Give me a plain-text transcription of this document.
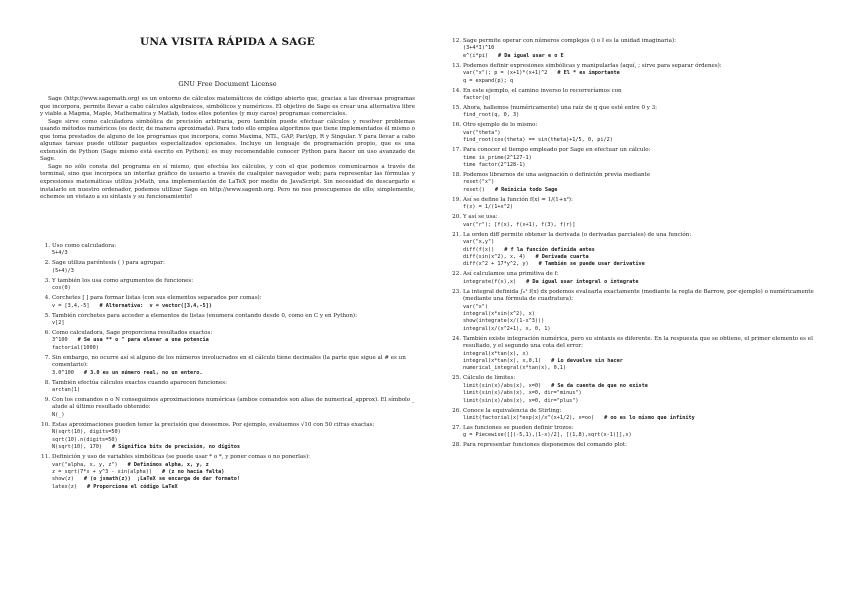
UNA VISITA RÁPIDA A SAGE
GNU Free Document License

Sage (http://www.sagemath.org) es un entorno de cálculos matemáticos de código abierto que, gracias a las diversas programas que incorpora, permite llevar a cabo cálculos algebraicos, simbólicos y numéricos. El objetivo de Sage es crear una alternativa libre y viable a Magma, Maple, Mathematica y Matlab, todos ellos potentes (y muy caros) programas comerciales.

Sage sirve como calculadora simbólica de precisión arbitraria, pero también puede efectuar cálculos y resolver problemas usando métodos numéricos (es decir, de manera aproximada). Para todo ello emplea algoritmos que tiene implementados él mismo o que toma prestados de alguno de los programas que incorpora, como Maxima, NTL, GAP, Pari/gp, R y Singular. Y para llevar a cabo algunas tareas puede utilizar paquetes especializados opcionales. Incluye un lenguaje de programación propio, que es una extensión de Python (Sage mismo está escrito en Python); es muy recomendable conocer Python para hacer un uso avanzado de Sage.

Sage no sólo consta del programa en sí mismo, que efectúa los cálculos, y con el que podemos comunicarnos a través de terminal, sino que incorpora un interfaz gráfico de usuario a través de cualquier navegador web; para representar las fórmulas y expresiones matemáticas utiliza jsMath, una implementación de LaTeX por medio de JavaScript. Sin necesidad de descargarlo e instalarlo en nuestro ordenador, podemos utilizar Sage en http://www.sagenb.org. Pero no nos preocupemos de ello; simplemente, echemos un vistazo a su sintaxis y su funcionamiento!

1. Uso como calculadora:
5+4/3
2. Sage utiliza paréntesis ( ) para agrupar:
(5+4)/3
3. Y también los usa como argumentos de funciones:
cos(0)
4. Corchetes [ ] para formar listas (con sus elementos separados por comas):
v = [3,4,-5] # Alternativa:  v = vector([3,4,-5])
5. También corchetes para acceder a elementos de listas (enumera contando desde 0, como en C y en Python):
v[2]
6. Como calculadora, Sage proporciona resultados exactos:
3^100 # Se usa ** o ^ para elevar a una potencia
factorial(1000)
7. Sin embargo, no ocurre así si alguno de los números involucrados en el cálculo tiene decimales (la parte que sigue al # es un comentario):
3.0^100 # 3.0 es un número real, no un entero.
8. También efectúa cálculos exactos cuando aparecen funciones:
arctan(1)
9. Con los comandos n o N conseguimos aproximaciones numéricas (ambos comandos son alias de numerical_approx). El símbolo _ alude al último resultado obtenido:
N(_)
10. Estas aproximaciones pueden tener la precisión que deseemos. Por ejemplo, evaluemos √10 con 50 cifras exactas:
N(sqrt(10), digits=50)
sqrt(10).n(digits=50)
N(sqrt(10), 170) # Significa bits de precisión, no dígitos
11. Definición y uso de variables simbólicas (se puede usar * o *, y poner comas o no ponerlas):
var("alpha, x, y, z") # Definimos alpha, x, y, z
z = sqrt(7*x + y^3 - sin(alpha)) # (z no hacía falta)
show(z) # (o jsmath(z))  ¡LaTeX se encarga de dar formato!
latex(z) # Proporciona el código LaTeX
12. Sage permite operar con números complejos (i o I es la unidad imaginaria):
(3+4*I)^10
e^(i*pi) # Da igual usar e o E
13. Podemos definir expresiones simbólicas y manipularlas (aquí, ; sirve para separar órdenes):
var("x"); p = (x+1)*(x+1)^2 # El * es importante
q = expand(p); q
14. En este ejemplo, el camino inverso lo recorreríamos con
factor(q)
15. Ahora, hallemos (numéricamente) una raíz de q que esté entre 0 y 3:
find_root(q, 0, 3)
16. Otro ejemplo de lo mismo:
var("theta")
find_root(cos(theta) == sin(theta)+1/5, 0, pi/2)
17. Para conocer el tiempo empleado por Sage en efectuar un cálculo:
time is_prime(2^127-1)
time factor(2^128-1)
18. Podemos librarnos de una asignación o definición previa mediante
reset("x")
reset() # Reinicia todo Sage
19. Así se define la función f(x) = 1/(1+x²):
f(x) = 1/(1+x^2)
20. Y así se usa:
var("r"); [f(x), f(x+1), f(3), f(r)]
21. La orden diff permite obtener la derivada (o derivadas parciales) de una función:
var("x,y")
diff(f(x)) # f la función definida antes
diff(sin(x^2), x, 4) # Derivada cuarta
diff(x^2 + 17*y^2, y) # También se puede usar derivative
22. Así calculamos una primitiva de f:
integrate(f(x),x) # Da igual usar integral o integrate
23. La integral definida ∫₀¹ f(x) dx podemos evaluarla exactamente (mediante la regla de Barrow, por ejemplo) o numéricamente (mediante una fórmula de cuadratura):
var("x")
integral(x*sin(x^2), x)
show(integrate(x/(1-x^3)))
integral(x/(x^2+1), x, 0, 1)
24. También existe integración numérica, pero su sintaxis es diferente. En la respuesta que se obtiene, el primer elemento es el resultado, y el segundo una cota del error:
integral(x*tan(x), x)
integral(x*tan(x), x,0,1) # Lo devuelve sin hacer
numerical_integral(x*tan(x), 0,1)
25. Cálculo de límites:
limit(sin(x)/abs(x), x=0) # Se da cuenta de que no existe
limit(sin(x)/abs(x), x=0, dir="minus")
limit(sin(x)/abs(x), x=0, dir="plus")
26. Conoce la equivalencia de Stirling:
limit(factorial(x)*exp(x)/x^(x+1/2), x=oo) # oo es lo mismo que infinity
27. Las funciones se pueden definir trozos:
g = Piecewise([[(-5,1),(1-x)/2], [(1,8),sqrt(x-1)]],x)
28. Para representar funciones disponemos del comando plot:
